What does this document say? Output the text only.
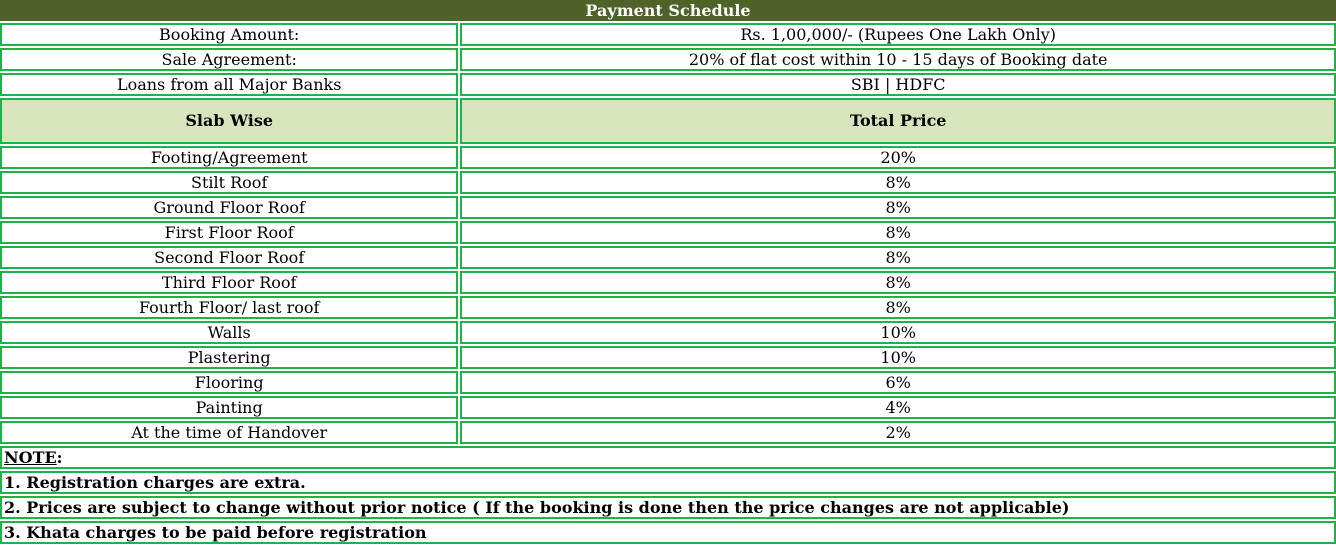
Payment Schedule
Booking Amount:	Rs. 1,00,000/- (Rupees One Lakh Only)
Sale Agreement:	20% of flat cost within 10 - 15 days of Booking date
Loans from all Major Banks	SBI | HDFC
Slab Wise	Total Price
Footing/Agreement	20%
Stilt Roof	8%
Ground Floor Roof	8%
First Floor Roof	8%
Second Floor Roof	8%
Third Floor Roof	8%
Fourth Floor/ last roof	8%
Walls	10%
Plastering	10%
Flooring	6%
Painting	4%
At the time of Handover	2%
NOTE:	
1. Registration charges are extra.	
2. Prices are subject to change without prior notice ( If the booking is done then the price changes are not applicable)	
3. Khata charges to be paid before registration	
